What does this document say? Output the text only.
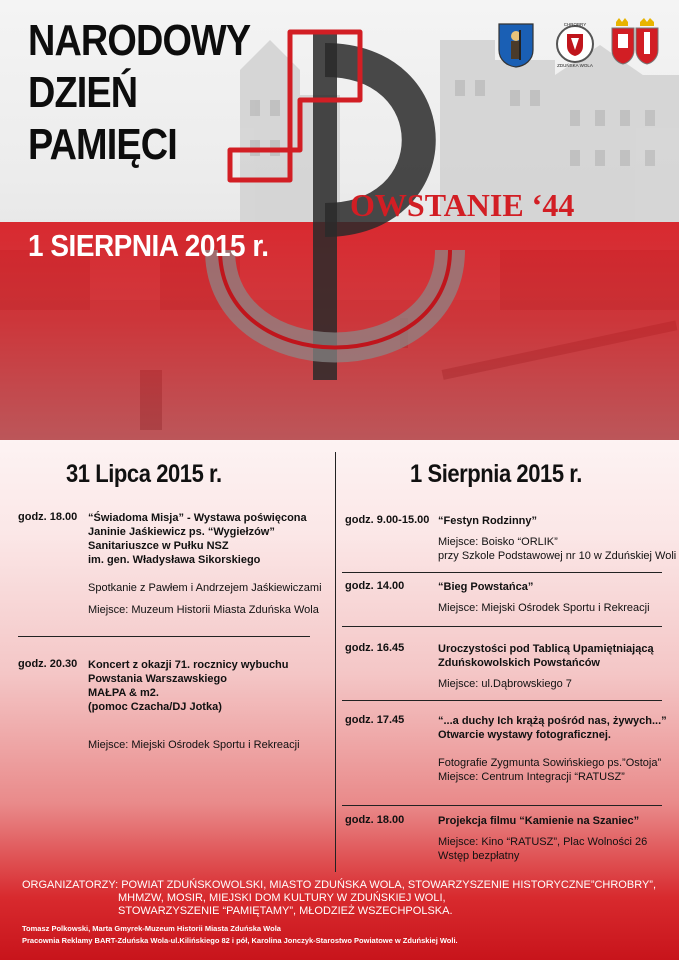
NARODOWY
DZIEŃ
PAMIĘCI
1 SIERPNIA 2015 r.
OWSTANIE ‘44
CHROBRY
ZDUŃSKA WOLA
31 Lipca 2015 r.	1 Sierpnia 2015 r.
godz. 18.00 “Świadoma Misja” - Wystawa poświęcona
Janinie Jaśkiewicz ps. “Wygiełzów”
Sanitariuszce w Pułku NSZ
im. gen. Władysława Sikorskiego
Spotkanie z Pawłem i Andrzejem Jaśkiewiczami
Miejsce: Muzeum Historii Miasta Zduńska Wola
godz. 20.30 Koncert z okazji 71. rocznicy wybuchu
Powstania Warszawskiego
MAŁPA & m2.
(pomoc Czacha/DJ Jotka)
Miejsce: Miejski Ośrodek Sportu i Rekreacji
godz. 9.00-15.00 “Festyn Rodzinny”
Miejsce: Boisko “ORLIK”
przy Szkole Podstawowej nr 10 w Zduńskiej Woli
godz. 14.00	“Bieg Powstańca”
Miejsce: Miejski Ośrodek Sportu i Rekreacji
godz. 16.45	Uroczystości pod Tablicą Upamiętniającą
Zduńskowolskich Powstańców
Miejsce: ul.Dąbrowskiego 7
godz. 17.45	“...a duchy Ich krążą pośród nas, żywych...”
Otwarcie wystawy fotograficznej.
Fotografie Zygmunta Sowińskiego ps.”Ostoja”
Miejsce: Centrum Integracji “RATUSZ”
godz. 18.00	Projekcja filmu “Kamienie na Szaniec”
Miejsce: Kino “RATUSZ”, Plac Wolności 26
Wstęp bezpłatny
ORGANIZATORZY: POWIAT ZDUŃSKOWOLSKI, MIASTO ZDUŃSKA WOLA, STOWARZYSZENIE HISTORYCZNE”CHROBRY”,
MHMZW, MOSIR, MIEJSKI DOM KULTURY W ZDUŃSKIEJ WOLI,
STOWARZYSZENIE “PAMIĘTAMY”, MŁODZIEŻ WSZECHPOLSKA.
Tomasz Polkowski, Marta Gmyrek-Muzeum Historii Miasta Zduńska Wola
Pracownia Reklamy BART-Zduńska Wola-ul.Kilińskiego 82 i pół, Karolina Jonczyk-Starostwo Powiatowe w Zduńskiej Woli.
